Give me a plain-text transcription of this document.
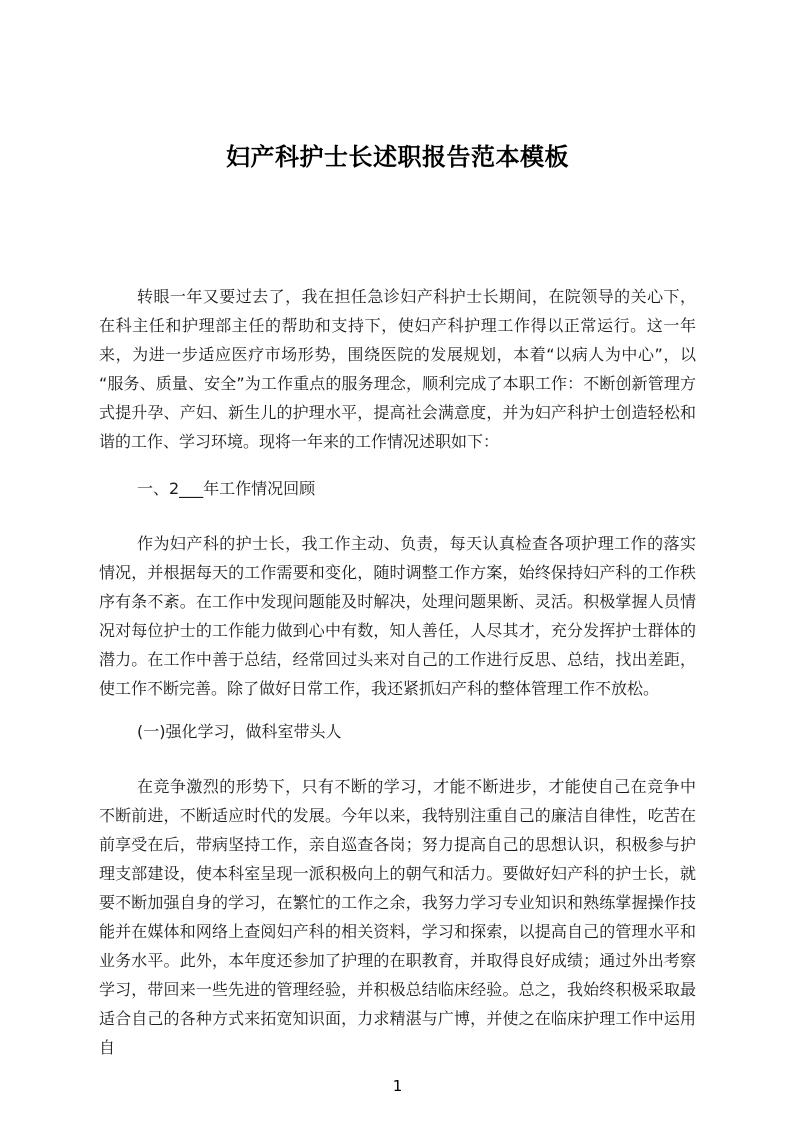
妇产科护士长述职报告范本模板

转眼一年又要过去了，我在担任急诊妇产科护士长期间，在院领导的关心下，在科主任和护理部主任的帮助和支持下，使妇产科护理工作得以正常运行。这一年来，为进一步适应医疗市场形势，围绕医院的发展规划，本着“以病人为中心”，以“服务、质量、安全”为工作重点的服务理念，顺利完成了本职工作：不断创新管理方式提升孕、产妇、新生儿的护理水平，提高社会满意度，并为妇产科护士创造轻松和谐的工作、学习环境。现将一年来的工作情况述职如下：

一、2___年工作情况回顾

作为妇产科的护士长，我工作主动、负责，每天认真检查各项护理工作的落实情况，并根据每天的工作需要和变化，随时调整工作方案，始终保持妇产科的工作秩序有条不紊。在工作中发现问题能及时解决，处理问题果断、灵活。积极掌握人员情况对每位护士的工作能力做到心中有数，知人善任，人尽其才，充分发挥护士群体的潜力。在工作中善于总结，经常回过头来对自己的工作进行反思、总结，找出差距，使工作不断完善。除了做好日常工作，我还紧抓妇产科的整体管理工作不放松。

(一)强化学习，做科室带头人

在竞争激烈的形势下，只有不断的学习，才能不断进步，才能使自己在竞争中不断前进，不断适应时代的发展。今年以来，我特别注重自己的廉洁自律性，吃苦在前享受在后，带病坚持工作，亲自巡查各岗；努力提高自己的思想认识，积极参与护理支部建设，使本科室呈现一派积极向上的朝气和活力。要做好妇产科的护士长，就要不断加强自身的学习，在繁忙的工作之余，我努力学习专业知识和熟练掌握操作技能并在媒体和网络上查阅妇产科的相关资料，学习和探索，以提高自己的管理水平和业务水平。此外，本年度还参加了护理的在职教育，并取得良好成绩；通过外出考察学习，带回来一些先进的管理经验，并积极总结临床经验。总之，我始终积极采取最适合自己的各种方式来拓宽知识面，力求精湛与广博，并使之在临床护理工作中运用自

1
